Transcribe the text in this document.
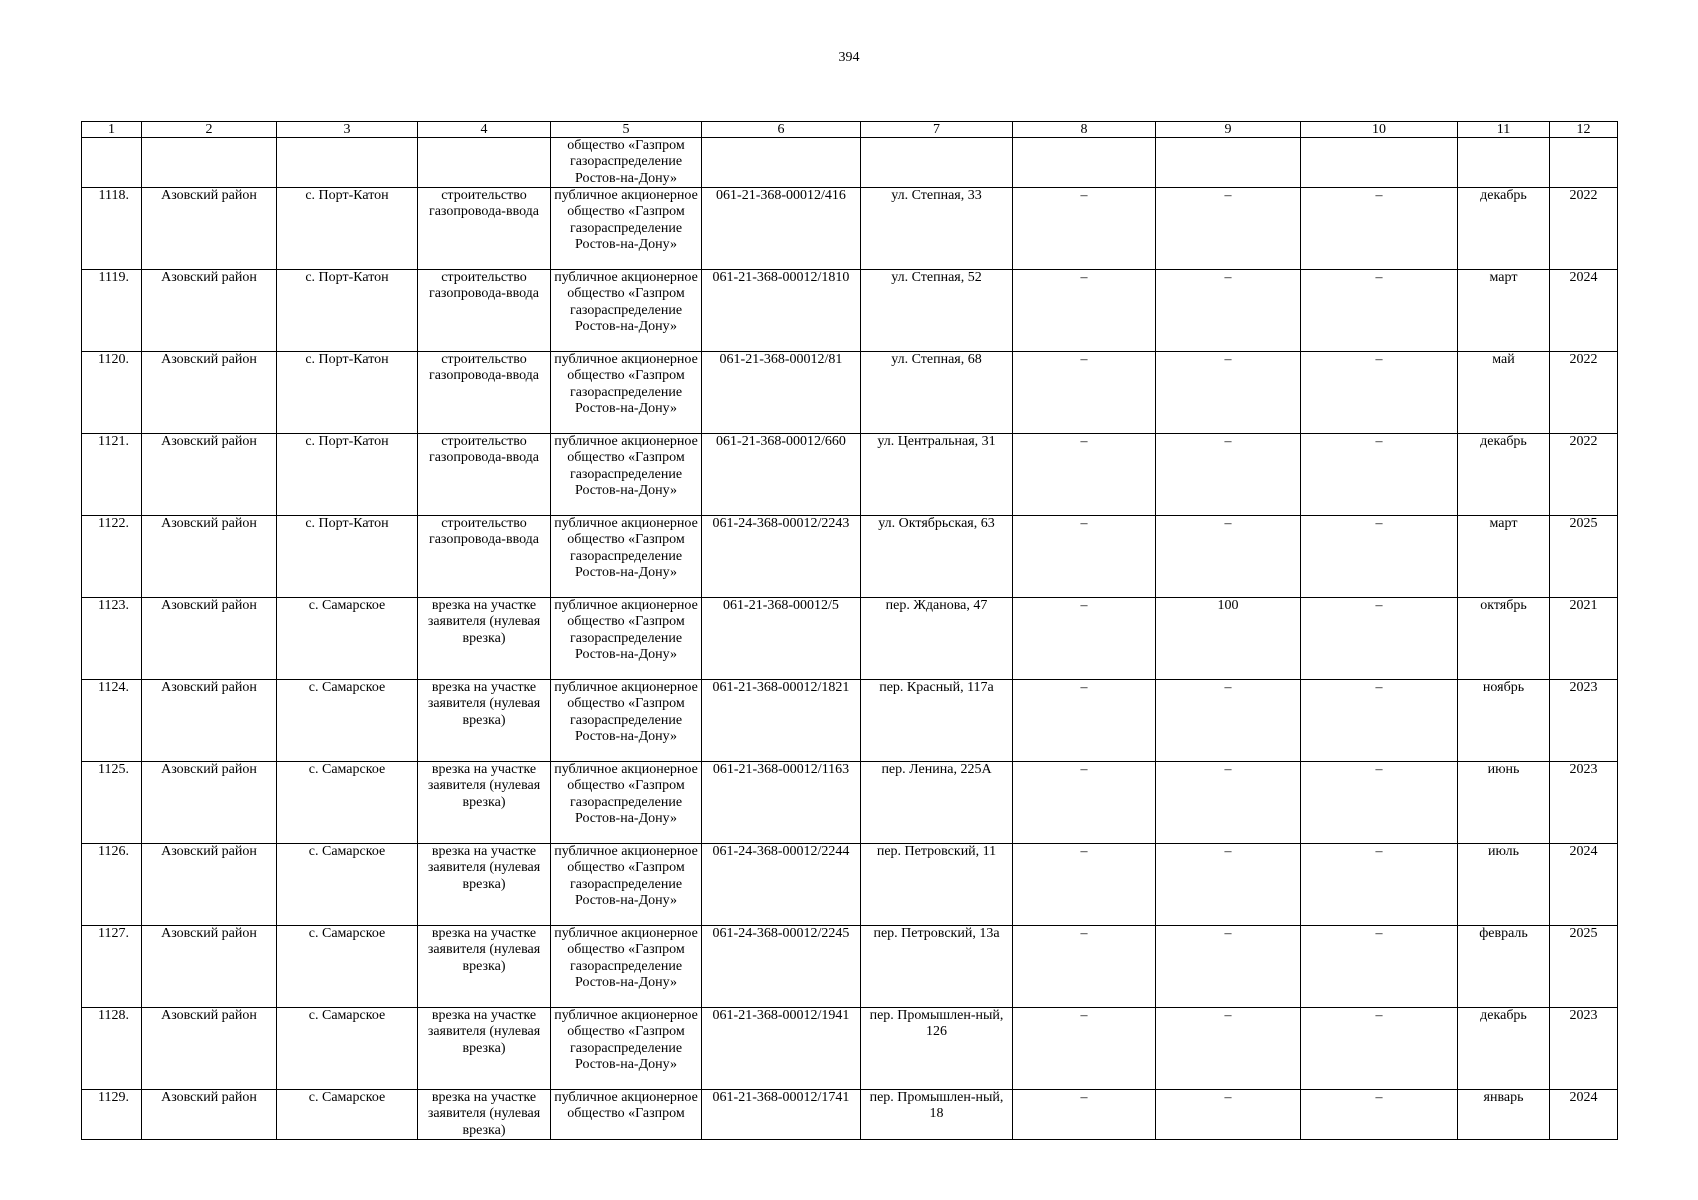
394
1	2	3	4	5	6	7	8	9	10	11	12
				общество «Газпром газораспределение Ростов-на-Дону»							
1118.	Азовский район	с. Порт-Катон	строительство газопровода-ввода	публичное акционерное общество «Газпром газораспределение Ростов-на-Дону»	061-21-368-00012/416	ул. Степная, 33	–	–	–	декабрь	2022
1119.	Азовский район	с. Порт-Катон	строительство газопровода-ввода	публичное акционерное общество «Газпром газораспределение Ростов-на-Дону»	061-21-368-00012/1810	ул. Степная, 52	–	–	–	март	2024
1120.	Азовский район	с. Порт-Катон	строительство газопровода-ввода	публичное акционерное общество «Газпром газораспределение Ростов-на-Дону»	061-21-368-00012/81	ул. Степная, 68	–	–	–	май	2022
1121.	Азовский район	с. Порт-Катон	строительство газопровода-ввода	публичное акционерное общество «Газпром газораспределение Ростов-на-Дону»	061-21-368-00012/660	ул. Центральная, 31	–	–	–	декабрь	2022
1122.	Азовский район	с. Порт-Катон	строительство газопровода-ввода	публичное акционерное общество «Газпром газораспределение Ростов-на-Дону»	061-24-368-00012/2243	ул. Октябрьская, 63	–	–	–	март	2025
1123.	Азовский район	с. Самарское	врезка на участке заявителя (нулевая врезка)	публичное акционерное общество «Газпром газораспределение Ростов-на-Дону»	061-21-368-00012/5	пер. Жданова, 47	–	100	–	октябрь	2021
1124.	Азовский район	с. Самарское	врезка на участке заявителя (нулевая врезка)	публичное акционерное общество «Газпром газораспределение Ростов-на-Дону»	061-21-368-00012/1821	пер. Красный, 117а	–	–	–	ноябрь	2023
1125.	Азовский район	с. Самарское	врезка на участке заявителя (нулевая врезка)	публичное акционерное общество «Газпром газораспределение Ростов-на-Дону»	061-21-368-00012/1163	пер. Ленина, 225А	–	–	–	июнь	2023
1126.	Азовский район	с. Самарское	врезка на участке заявителя (нулевая врезка)	публичное акционерное общество «Газпром газораспределение Ростов-на-Дону»	061-24-368-00012/2244	пер. Петровский, 11	–	–	–	июль	2024
1127.	Азовский район	с. Самарское	врезка на участке заявителя (нулевая врезка)	публичное акционерное общество «Газпром газораспределение Ростов-на-Дону»	061-24-368-00012/2245	пер. Петровский, 13а	–	–	–	февраль	2025
1128.	Азовский район	с. Самарское	врезка на участке заявителя (нулевая врезка)	публичное акционерное общество «Газпром газораспределение Ростов-на-Дону»	061-21-368-00012/1941	пер. Промышлен-ный, 126	–	–	–	декабрь	2023
1129.	Азовский район	с. Самарское	врезка на участке заявителя (нулевая врезка)	публичное акционерное общество «Газпром	061-21-368-00012/1741	пер. Промышлен-ный, 18	–	–	–	январь	2024
